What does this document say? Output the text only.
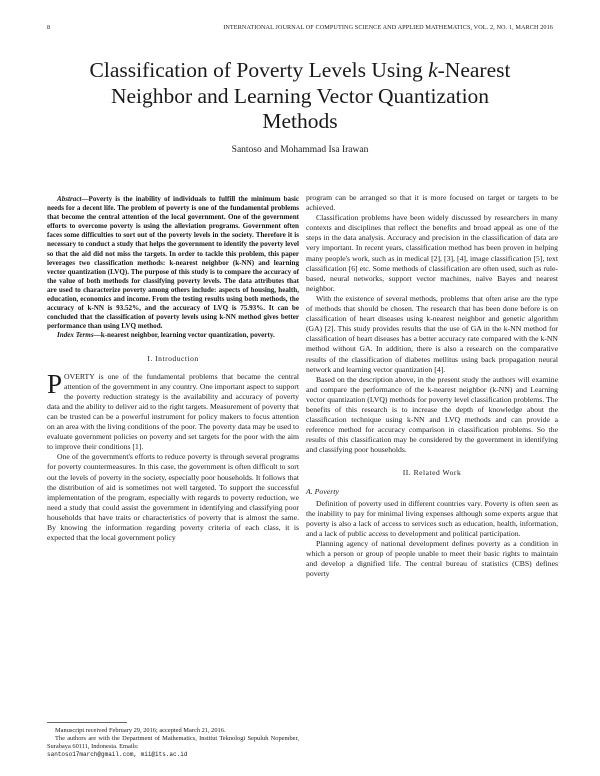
8	INTERNATIONAL JOURNAL OF COMPUTING SCIENCE AND APPLIED MATHEMATICS, VOL. 2, NO. 1, MARCH 2016
Classification of Poverty Levels Using k-Nearest
Neighbor and Learning Vector Quantization
Methods
Santoso and Mohammad Isa Irawan

Abstract—Poverty is the inability of individuals to fulfill the minimum basic needs for a decent life. The problem of poverty is one of the fundamental problems that become the central attention of the local government. One of the government efforts to overcome poverty is using the alleviation programs. Government often faces some difficulties to sort out of the poverty levels in the society. Therefore it is necessary to conduct a study that helps the government to identify the poverty level so that the aid did not miss the targets. In order to tackle this problem, this paper leverages two classification methods: k-nearest neighbor (k-NN) and learning vector quantization (LVQ). The purpose of this study is to compare the accuracy of the value of both methods for classifying poverty levels. The data attributes that are used to characterize poverty among others include: aspects of housing, health, education, economics and income. From the testing results using both methods, the accuracy of k-NN is 93.52%, and the accuracy of LVQ is 75.93%. It can be concluded that the classification of poverty levels using k-NN method gives better performance than using LVQ method.

Index Terms—k-nearest neighbor, learning vector quantization, poverty.

I. Introduction

POVERTY is one of the fundamental problems that became the central attention of the government in any country. One important aspect to support the poverty reduction strategy is the availability and accuracy of poverty data and the ability to deliver aid to the right targets. Measurement of poverty that can be trusted can be a powerful instrument for policy makers to focus attention on an area with the living conditions of the poor. The poverty data may be used to evaluate government policies on poverty and set targets for the poor with the aim to improve their conditions [1].

One of the government's efforts to reduce poverty is through several programs for poverty countermeasures. In this case, the government is often difficult to sort out the levels of poverty in the society, especially poor households. It follows that the distribution of aid is sometimes not well targeted. To support the successful implementation of the program, especially with regards to poverty reduction, we need a study that could assist the government in identifying and classifying poor households that have traits or characteristics of poverty that is almost the same. By knowing the information regarding poverty criteria of each class, it is expected that the local government policy

program can be arranged so that it is more focused on target or targets to be achieved.

Classification problems have been widely discussed by researchers in many contexts and disciplines that reflect the benefits and broad appeal as one of the steps in the data analysis. Accuracy and precision in the classification of data are very important. In recent years, classification method has been proven in helping many people's work, such as in medical [2], [3], [4], image classification [5], text classification [6] etc. Some methods of classification are often used, such as rule-based, neural networks, support vector machines, naïve Bayes and nearest neighbor.

With the existence of several methods, problems that often arise are the type of methods that should be chosen. The research that has been done before is on classification of heart diseases using k-nearest neighbor and genetic algorithm (GA) [2]. This study provides results that the use of GA in the k-NN method for classification of heart diseases has a better accuracy rate compared with the k-NN method without GA. In addition, there is also a research on the comparative results of the classification of diabetes mellitus using back propagation neural network and learning vector quantization [4].

Based on the description above, in the present study the authors will examine and compare the performance of the k-nearest neighbor (k-NN) and Learning vector quantization (LVQ) methods for poverty level classification problems. The benefits of this research is to increase the depth of knowledge about the classification technique using k-NN and LVQ methods and can provide a reference method for accuracy comparison in classification problems. So the results of this classification may be considered by the government in identifying and classifying poor households.

II. Related Work
A. Poverty

Definition of poverty used in different countries vary. Poverty is often seen as the inability to pay for minimal living expenses although some experts argue that poverty is also a lack of access to services such as education, health, information, and a lack of public access to development and political participation.

Planning agency of national development defines poverty as a condition in which a person or group of people unable to meet their basic rights to maintain and develop a dignified life. The central bureau of statistics (CBS) defines poverty

Manuscript received February 29, 2016; accepted March 21, 2016.

The authors are with the Department of Mathematics, Institut Teknologi Sepuluh Nopember, Surabaya 60111, Indonesia. Emails:

santoso17march@gmail.com, mii@its.ac.id
